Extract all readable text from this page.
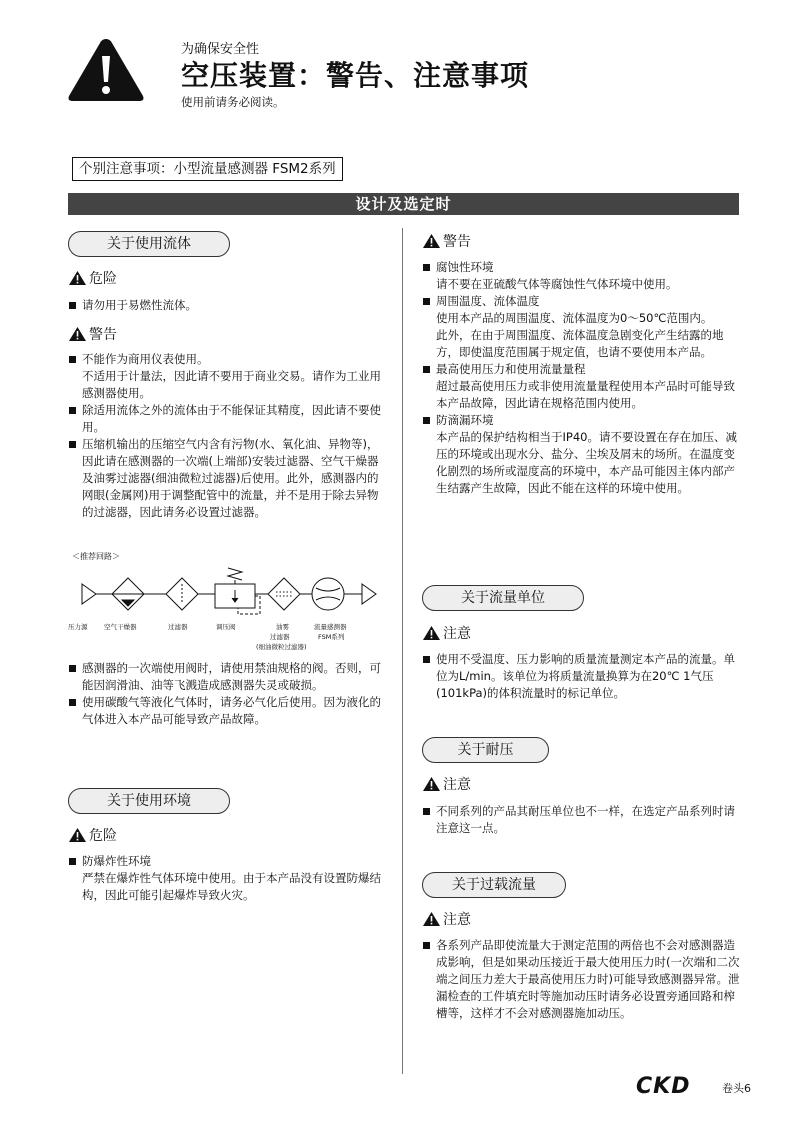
为确保安全性
空压装置：警告、注意事项
使用前请务必阅读。
个别注意事项：小型流量感测器 FSM2系列
设计及选定时
关于使用流体
危险
请勿用于易燃性流体。
警告
不能作为商用仪表使用。
不适用于计量法，因此请不要用于商业交易。请作为工业用感测器使用。
除适用流体之外的流体由于不能保证其精度，因此请不要使用。
压缩机输出的压缩空气内含有污物(水、氧化油、异物等)，因此请在感测器的一次端(上端部)安装过滤器、空气干燥器及油雾过滤器(细油微粒过滤器)后使用。此外，感测器内的网眼(金属网)用于调整配管中的流量，并不是用于除去异物的过滤器，因此请务必设置过滤器。
＜推荐回路＞
压力源	空气干燥器	过滤器	调压阀	油雾
过滤器
(细油微粒过滤器)
流量感测器
FSM系列
感测器的一次端使用阀时，请使用禁油规格的阀。否则，可能因润滑油、油等飞溅造成感测器失灵或破损。
使用碳酸气等液化气体时，请务必气化后使用。因为液化的气体进入本产品可能导致产品故障。
关于使用环境
危险
防爆炸性环境
严禁在爆炸性气体环境中使用。由于本产品没有设置防爆结构，因此可能引起爆炸导致火灾。
警告
腐蚀性环境
请不要在亚硫酸气体等腐蚀性气体环境中使用。
周围温度、流体温度
使用本产品的周围温度、流体温度为0～50℃范围内。
此外，在由于周围温度、流体温度急剧变化产生结露的地方，即使温度范围属于规定值，也请不要使用本产品。
最高使用压力和使用流量量程
超过最高使用压力或非使用流量量程使用本产品时可能导致本产品故障，因此请在规格范围内使用。
防滴漏环境
本产品的保护结构相当于IP40。请不要设置在存在加压、减压的环境或出现水分、盐分、尘埃及屑末的场所。在温度变化剧烈的场所或湿度高的环境中，本产品可能因主体内部产生结露产生故障，因此不能在这样的环境中使用。
关于流量单位
注意
使用不受温度、压力影响的质量流量测定本产品的流量。单位为L/min。该单位为将质量流量换算为在20℃ 1气压(101kPa)的体积流量时的标记单位。
关于耐压
注意
不同系列的产品其耐压单位也不一样，在选定产品系列时请注意这一点。
关于过载流量
注意
各系列产品即使流量大于测定范围的两倍也不会对感测器造成影响，但是如果动压接近于最大使用压力时(一次端和二次端之间压力差大于最高使用压力时)可能导致感测器异常。泄漏检查的工件填充时等施加动压时请务必设置旁通回路和榨槽等，这样才不会对感测器施加动压。
CKD	卷头6
